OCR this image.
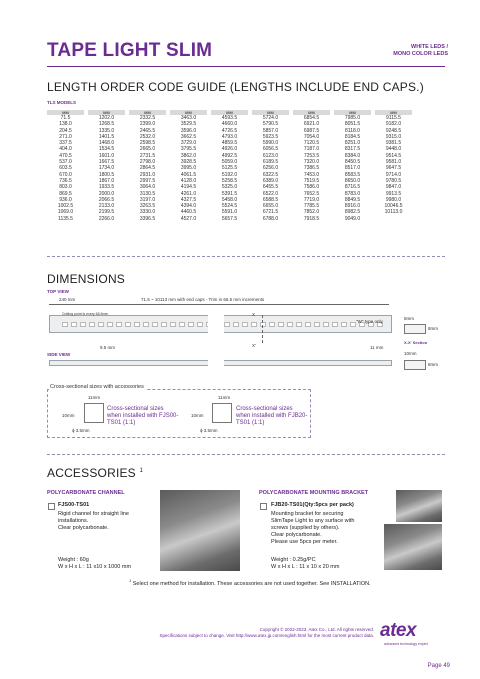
TAPE LIGHT SLIM	WHITE LEDS /
MONO COLOR LEDS
LENGTH ORDER CODE GUIDE (LENGTHS INCLUDE END CAPS.)
TLS MODELS
MM	MM	MM	MM	MM	MM	MM	MM	MM
71.5	1202.0	2332.5	3463.0	4593.5	5724.0	6854.5	7985.0	9115.5
138.0	1268.5	2399.0	3529.5	4660.0	5790.5	6921.0	8051.5	9182.0
204.5	1335.0	2465.5	3596.0	4726.5	5857.0	6987.5	8118.0	9248.5
271.0	1401.5	2532.0	3662.5	4793.0	5923.5	7054.0	8184.5	9315.0
337.5	1468.0	2598.5	3729.0	4859.5	5990.0	7120.5	8251.0	9381.5
404.0	1534.5	2665.0	3795.5	4926.0	6056.5	7187.0	8317.5	9448.0
470.5	1601.0	2731.5	3862.0	4992.5	6123.0	7253.5	8384.0	9514.5
537.0	1667.5	2798.0	3928.5	5059.0	6189.5	7320.0	8450.5	9581.0
603.5	1734.0	2864.5	3995.0	5125.5	6256.0	7386.5	8517.0	9647.5
670.0	1800.5	2931.0	4061.5	5192.0	6322.5	7453.0	8583.5	9714.0
736.5	1867.0	2997.5	4128.0	5258.5	6389.0	7519.5	8650.0	9780.5
803.0	1933.5	3064.0	4194.5	5325.0	6455.5	7586.0	8716.5	9847.0
869.5	2000.0	3130.5	4261.0	5391.5	6522.0	7652.5	8783.0	9913.5
936.0	2066.5	3197.0	4327.5	5458.0	6588.5	7719.0	8849.5	9980.0
1002.5	2133.0	3263.5	4394.0	5524.5	6655.0	7785.5	8916.0	10046.5
1069.0	2199.5	3330.0	4460.5	5591.0	6721.5	7852.0	8982.5	10113.0
1135.5	2266.0	3396.5	4527.0	5657.5	6788.0	7918.5	9049.0	
DIMENSIONS
TOP VIEW
240 mm	71.5 ~ 10113 mm with end caps - Trim in 66.5 mm increments
Cutting point is every 66.5mm	X
X'
"W" type only
6mm
8mm
9.5 mm	11 mm
X-X' Section
SIDE VIEW	10mm
8mm
Cross-sectional sizes with accessories
11mm
10mm
ϕ 3.5mm
Cross-sectional sizes when installed with FJS00-TS01 (1:1)
11mm
10mm
ϕ 3.5mm
Cross-sectional sizes when installed with FJB20-TS01 (1:1)
ACCESSORIES $^1$
POLYCARBONATE CHANNEL
FJS00-TS01
Rigid channel for straight line
installations.
Clear polycarbonate.
Weight : 60g
W x H x L : 11 x10 x 1000 mm
POLYCARBONATE MOUNTING BRACKET
FJB20-TS01(Qty:5pcs per pack)
Mounting bracket for securing
SlimTape Light to any surface with
screws (supplied by others).
Clear polycarbonate.
Please use 5pcs per meter.
Weight : 0.25g/PC
W x H x L : 11 x 10 x 20 mm
$^1$ Select one method for installation. These accessories are not used together. See INSTALLATION.
Copyright © 2022-2023. Atex Co., Ltd. All rights reserved.
Specifications subject to change. Visit http://www.atex.jp.com/english.html for the most current product data. atex
advanced technology expert
Page 49
